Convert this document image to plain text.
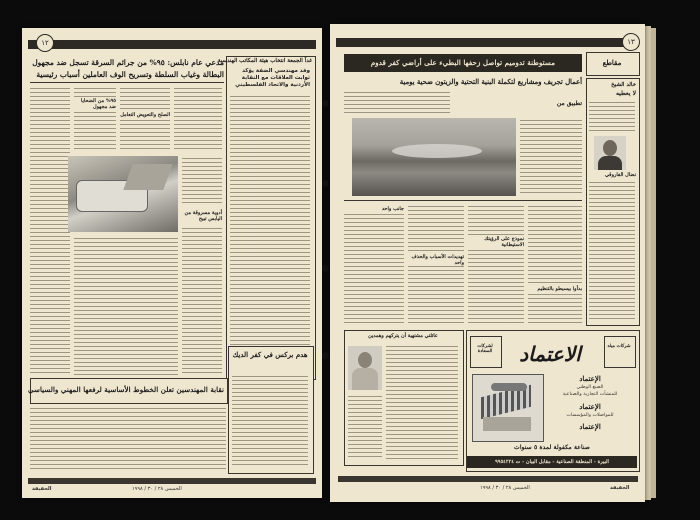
١٢
غداً الجمعة انتخاب هيئة المكاتب الهندسية
وفد مهندسي الضفة يؤكد ثوابت العلاقات مع النقابة الأردنية والاتحاد الفلسطيني
مدعي عام نابلس: ٩٥% من جرائم السرقة تسجل ضد مجهول
البطالة وغياب السلطة وتسريح الوف العاملين أسباب رئيسية
٩٥% من الضحايا ضد مجهول
الصلح والتعويض التعامل
أدوية مسروقة من اليابس تبيح
هدم بركس في كفر الديك
نقابة المهندسين تعلن الخطوط الأساسية لرفعها المهني والسياسي
الخميس ٢٨ / ٣٠ / ١٩٩٨
الحقيقة
١٣
مقاطع
مستوطنة تدوميم تواصل زحفها البطيء على أراضي كفر قدوم
أعمال تجريف ومشاريع لتكملة البنية التحتية والزيتون ضحية يومية	خالد الشيخ
لا يعطيه
نضال الفاروقي
تطبيق من
جانب واحد
تهديدات الأسباب والحذف واحد
نموذج على الرؤيتك الاستيطانية
بدأوا بيسيطو بالتنظيم
عائلتي مشتهية أن يتركهم وهمدين
الاعتماد
لشركات السعادة
شركات مياه
الإعتماد
الصنع الوطني
للمنشآت التجارية والصناعية
الإعتماد
للمواصلات والمؤسسات
الإعتماد
صناعة مكفولة لمدة ٥ سنوات
البيرة - المنطقة الصناعية - مقابل البيان - ت ٩٩٥٤٢٢٤
الخميس ٢٨ / ٣٠ / ١٩٩٨	الحقيقة
